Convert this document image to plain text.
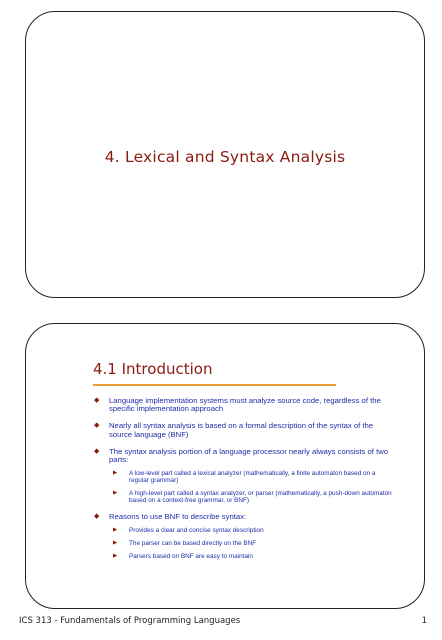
4. Lexical and Syntax Analysis
4.1 Introduction
◆ Language implementation systems must analyze source code, regardless of the specific implementation approach
◆ Nearly all syntax analysis is based on a formal description of the syntax of the source language (BNF)
◆ The syntax analysis portion of a language processor nearly always consists of two parts:
▶ A low-level part called a lexical analyzer (mathematically, a finite automaton based on a regular grammar)
▶ A high-level part called a syntax analyzer, or parser (mathematically, a push-down automaton based on a context-free grammar, or BNF)
◆ Reasons to use BNF to describe syntax:
▶ Provides a clear and concise syntax description
▶ The parser can be based directly on the BNF
▶ Parsers based on BNF are easy to maintain
ICS 313 - Fundamentals of Programming Languages	1
